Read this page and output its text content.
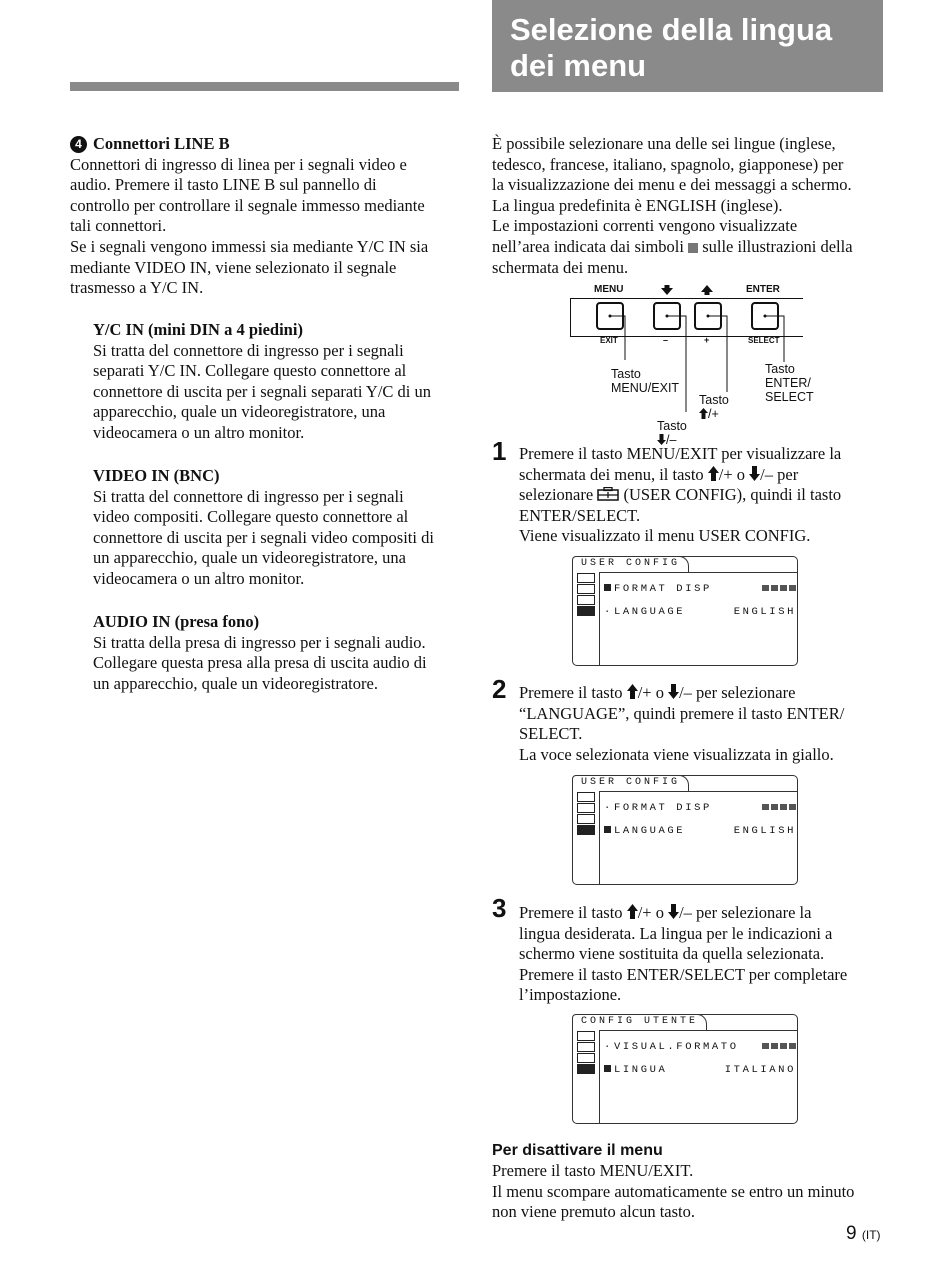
Selezione della lingua
dei menu

4 Connettori LINE B

Connettori di ingresso di linea per i segnali video e

audio. Premere il tasto LINE B sul pannello di

controllo per controllare il segnale immesso mediante

tali connettori.

Se i segnali vengono immessi sia mediante Y/C IN sia

mediante VIDEO IN, viene selezionato il segnale

trasmesso a Y/C IN.

Y/C IN (mini DIN a 4 piedini)

Si tratta del connettore di ingresso per i segnali

separati Y/C IN. Collegare questo connettore al

connettore di uscita per i segnali separati Y/C di un

apparecchio, quale un videoregistratore, una

videocamera o un altro monitor.

VIDEO IN (BNC)

Si tratta del connettore di ingresso per i segnali

video compositi. Collegare questo connettore al

connettore di uscita per i segnali video compositi di

un apparecchio, quale un videoregistratore, una

videocamera o un altro monitor.

AUDIO IN (presa fono)

Si tratta della presa di ingresso per i segnali audio.

Collegare questa presa alla presa di uscita audio di

un apparecchio, quale un videoregistratore.

È possibile selezionare una delle sei lingue (inglese,

tedesco, francese, italiano, spagnolo, giapponese) per

la visualizzazione dei menu e dei messaggi a schermo.

La lingua predefinita è ENGLISH (inglese).

Le impostazioni correnti vengono visualizzate

nell’area indicata dai simboli sulle illustrazioni della

schermata dei menu.

MENU	ENTER
EXIT	–	+	SELECT
Tasto
MENU/EXIT
Tasto ENTER/
SELECT
Tasto /+
Tasto /–
1 Premere il tasto MENU/EXIT per visualizzare la

schermata dei menu, il tasto /+ o /– per

selezionare  (USER CONFIG), quindi il tasto

ENTER/SELECT.

Viene visualizzato il menu USER CONFIG.

USER CONFIG
FORMAT DISP
·LANGUAGE	ENGLISH
2 Premere il tasto /+ o /– per selezionare

“LANGUAGE”, quindi premere il tasto ENTER/

SELECT.

La voce selezionata viene visualizzata in giallo.

USER CONFIG
·FORMAT DISP
LANGUAGE	ENGLISH
3 Premere il tasto /+ o /– per selezionare la

lingua desiderata. La lingua per le indicazioni a

schermo viene sostituita da quella selezionata.

Premere il tasto ENTER/SELECT per completare

l’impostazione.

CONFIG UTENTE
·VISUAL.FORMATO
LINGUA	ITALIANO

Per disattivare il menu

Premere il tasto MENU/EXIT.

Il menu scompare automaticamente se entro un minuto

non viene premuto alcun tasto.

9 (IT)
